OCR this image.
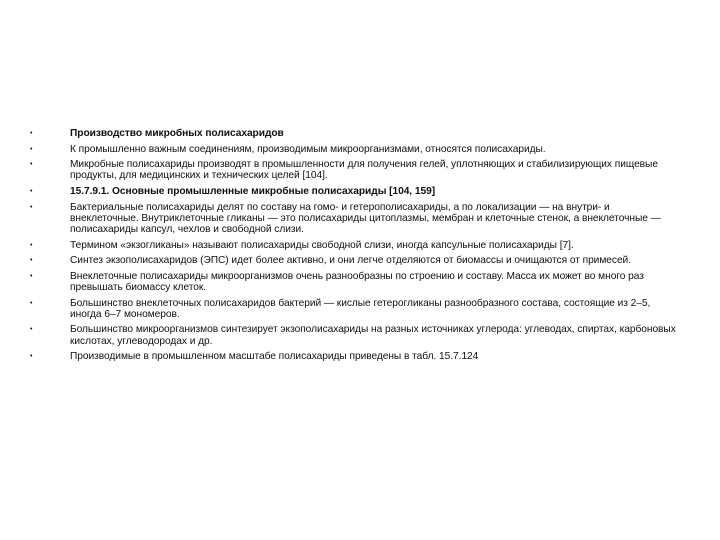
•	Производство микробных полисахаридов
•	К промышленно важным соединениям, производимым микроорганизмами, относятся полисахариды.
•	Микробные полисахариды производят в промышленности для получения гелей, уплотняющих и стабилизирующих пищевые продукты, для медицинских и технических целей [104].
•	15.7.9.1. Основные промышленные микробные полисахариды [104, 159]
•	Бактериальные полисахариды делят по составу на гомо- и гетерополисахариды, а по локализации — на внутри- и внеклеточные. Внутриклеточные гликаны — это полисахариды цитоплазмы, мембран и клеточные стенок, а внеклеточные — полисахариды капсул, чехлов и свободной слизи.
•	Термином «экзогликаны» называют полисахариды свободной слизи, иногда капсульные полисахариды [7].
•	Синтез экзополисахаридов (ЭПС) идет более активно, и они легче отделяются от биомассы и очищаются от примесей.
•	Внеклеточные полисахариды микроорганизмов очень разнообразны по строению и составу. Масса их может во много раз превышать биомассу клеток.
•	Большинство внеклеточных полисахаридов бактерий — кислые гетерогликаны разнообразного состава, состоящие из 2–5, иногда 6–7 мономеров.
•	Большинство микроорганизмов синтезирует экзополисахариды на разных источниках углерода: углеводах, спиртах, карбоновых кислотах, углеводородах и др.
•	Производимые в промышленном масштабе полисахариды приведены в табл. 15.7.124
